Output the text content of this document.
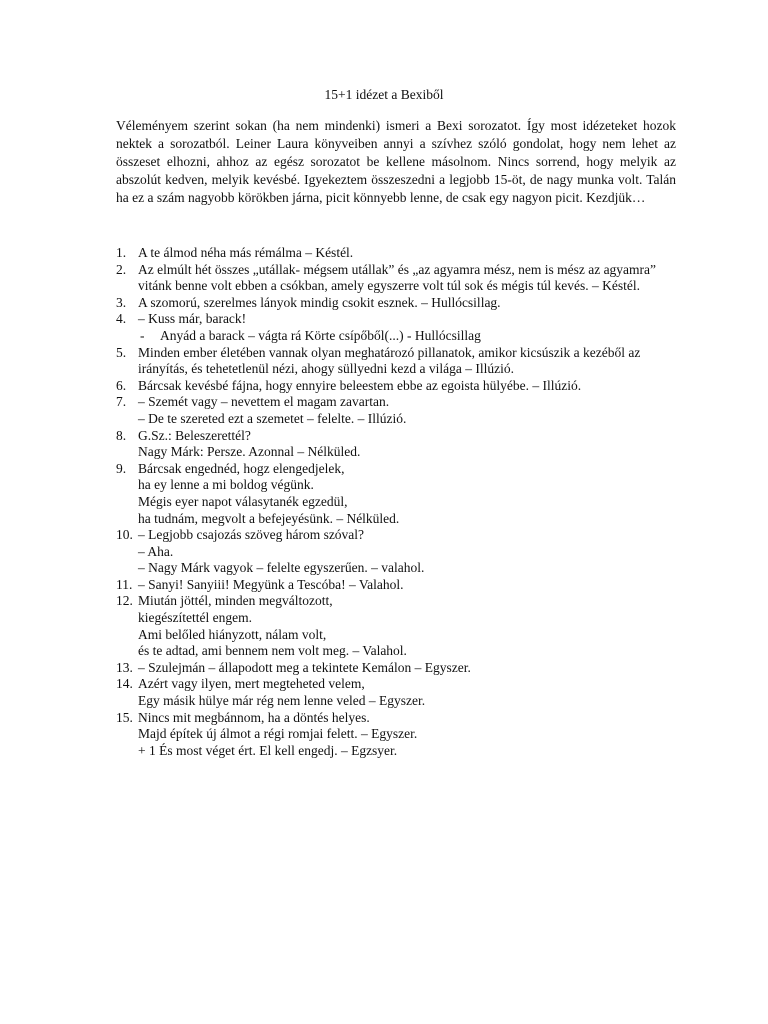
15+1 idézet a Bexiből

Véleményem szerint sokan (ha nem mindenki) ismeri a Bexi sorozatot. Így most idézeteket hozok nektek a sorozatból. Leiner Laura könyveiben annyi a szívhez szóló gondolat, hogy nem lehet az összeset elhozni, ahhoz az egész sorozatot be kellene másolnom. Nincs sorrend, hogy melyik az abszolút kedven, melyik kevésbé. Igyekeztem összeszedni a legjobb 15-öt, de nagy munka volt. Talán ha ez a szám nagyobb körökben járna, picit könnyebb lenne, de csak egy nagyon picit. Kezdjük…

1. A te álmod néha más rémálma – Késtél.
2. Az elmúlt hét összes „utállak- mégsem utállak” és „az agyamra mész, nem is mész az agyamra” vitánk benne volt ebben a csókban, amely egyszerre volt túl sok és mégis túl kevés. – Késtél.
3. A szomorú, szerelmes lányok mindig csokit esznek. – Hullócsillag.
4. – Kuss már, barack!
- Anyád a barack – vágta rá Körte csípőből(...) - Hullócsillag
5. Minden ember életében vannak olyan meghatározó pillanatok, amikor kicsúszik a kezéből az irányítás, és tehetetlenül nézi, ahogy süllyedni kezd a világa – Illúzió.
6. Bárcsak kevésbé fájna, hogy ennyire beleestem ebbe az egoista hülyébe. – Illúzió.
7. – Szemét vagy – nevettem el magam zavartan.
– De te szereted ezt a szemetet – felelte. – Illúzió.
8. G.Sz.: Beleszerettél?
Nagy Márk: Persze. Azonnal – Nélküled.
9. Bárcsak engednéd, hogz elengedjelek,
ha ey lenne a mi boldog végünk.
Mégis eyer napot válasytanék egzedül,
ha tudnám, megvolt a befejeyésünk. – Nélküled.
10. – Legjobb csajozás szöveg három szóval?
– Aha.
– Nagy Márk vagyok – felelte egyszerűen. – valahol.
11. – Sanyi! Sanyiii! Megyünk a Tescóba! – Valahol.
12. Miután jöttél, minden megváltozott,
kiegészítettél engem.
Ami belőled hiányzott, nálam volt,
és te adtad, ami bennem nem volt meg. – Valahol.
13. – Szulejmán – állapodott meg a tekintete Kemálon – Egyszer.
14. Azért vagy ilyen, mert megteheted velem,
Egy másik hülye már rég nem lenne veled – Egyszer.
15. Nincs mit megbánnom, ha a döntés helyes.
Majd építek új álmot a régi romjai felett. – Egyszer.
+ 1 És most véget ért. El kell engedj. – Egzsyer.
